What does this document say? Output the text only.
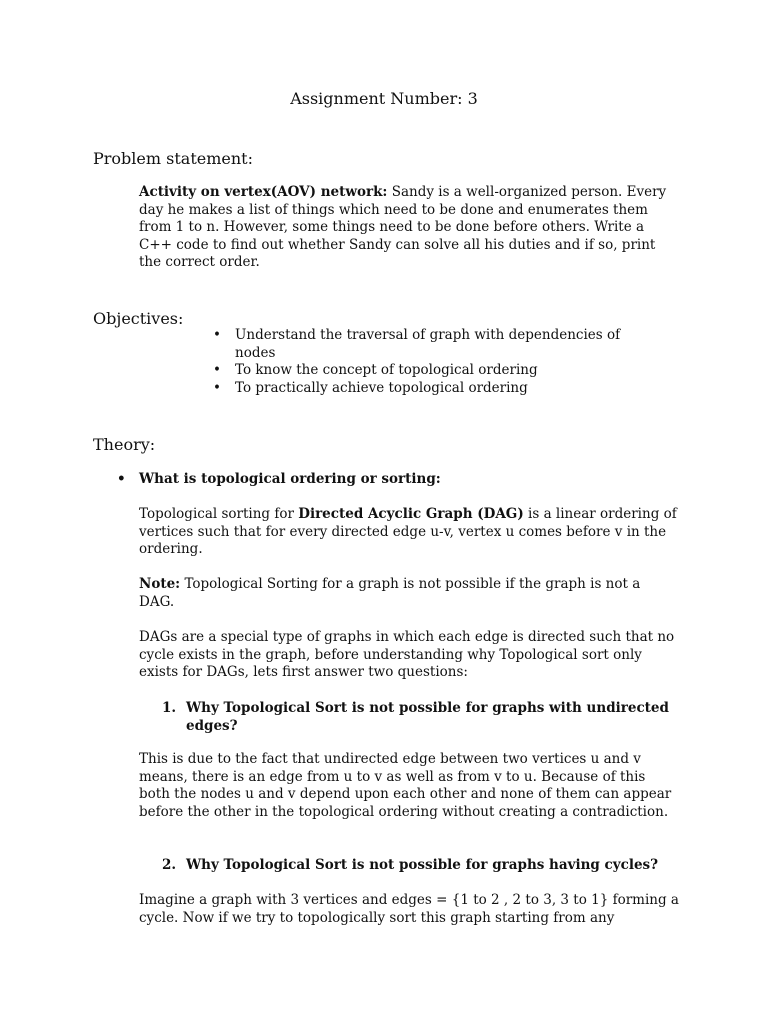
Assignment Number: 3
Problem statement:

Activity on vertex(AOV) network: Sandy is a well-organized person. Every day he makes a list of things which need to be done and enumerates them from 1 to n. However, some things need to be done before others. Write a C++ code to find out whether Sandy can solve all his duties and if so, print the correct order.

Objectives:
• Understand the traversal of graph with dependencies of nodes
• To know the concept of topological ordering
• To practically achieve topological ordering
Theory:
• What is topological ordering or sorting:

Topological sorting for Directed Acyclic Graph (DAG) is a linear ordering of vertices such that for every directed edge u-v, vertex u comes before v in the ordering.

Note: Topological Sorting for a graph is not possible if the graph is not a DAG.

DAGs are a special type of graphs in which each edge is directed such that no cycle exists in the graph, before understanding why Topological sort only exists for DAGs, lets first answer two questions:

1. Why Topological Sort is not possible for graphs with undirected edges?

This is due to the fact that undirected edge between two vertices u and v means, there is an edge from u to v as well as from v to u. Because of this both the nodes u and v depend upon each other and none of them can appear before the other in the topological ordering without creating a contradiction.

2. Why Topological Sort is not possible for graphs having cycles?

Imagine a graph with 3 vertices and edges = {1 to 2 , 2 to 3, 3 to 1} forming a cycle. Now if we try to topologically sort this graph starting from any
